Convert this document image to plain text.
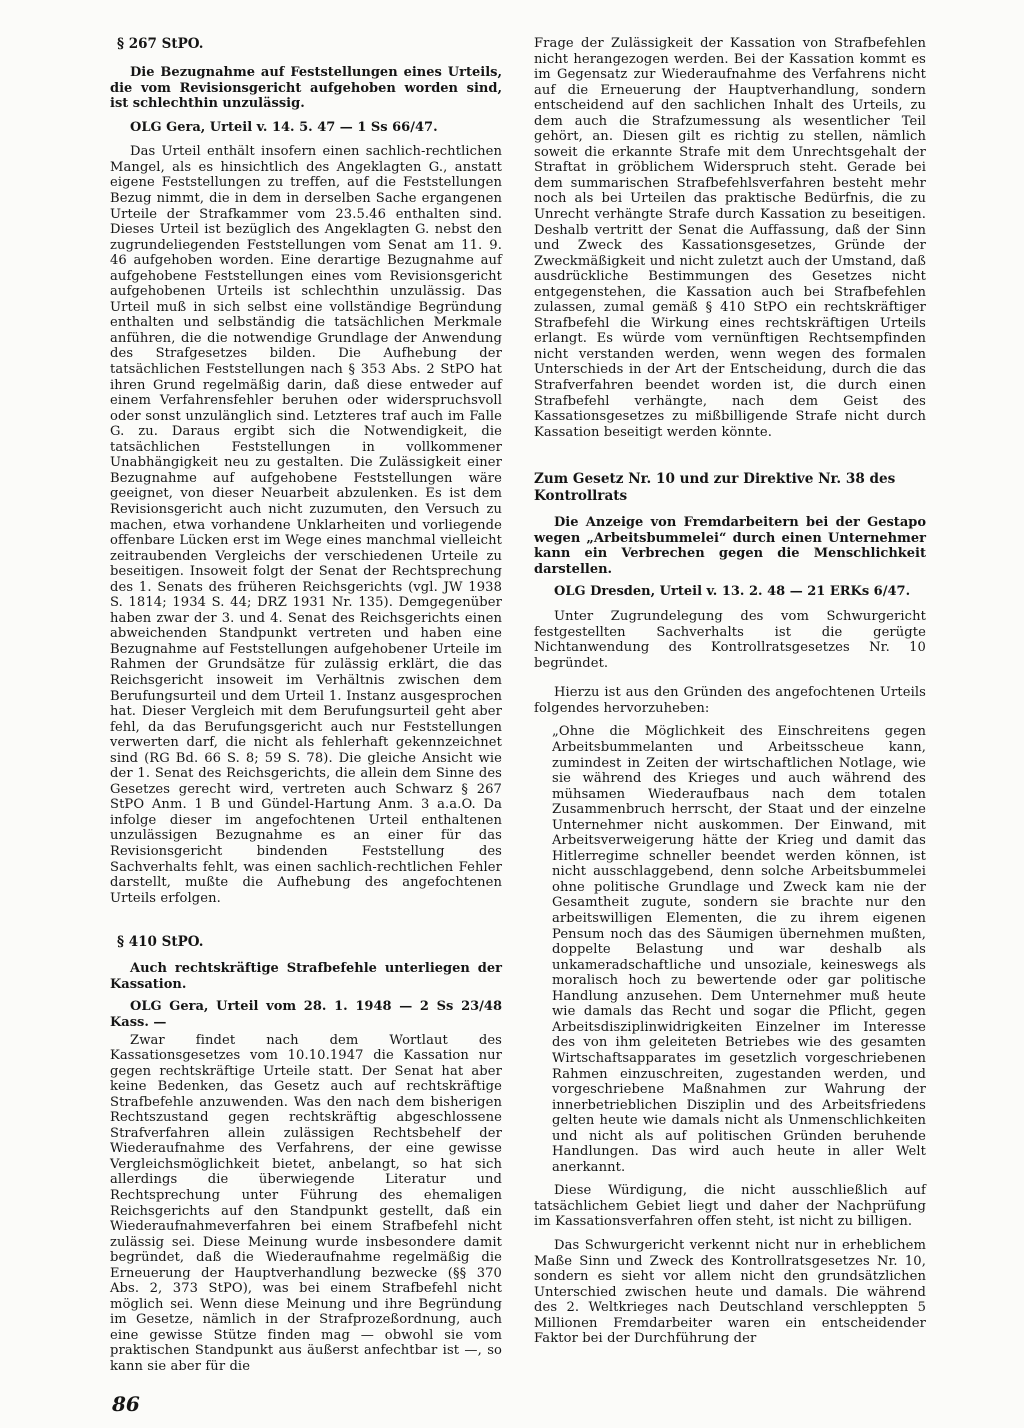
§ 267 StPO.

Die Bezugnahme auf Feststellungen eines Urteils, die vom Revisionsgericht aufgehoben worden sind, ist schlechthin unzulässig.

OLG Gera, Urteil v. 14. 5. 47 — 1 Ss 66/47.

Das Urteil enthält insofern einen sachlich-rechtlichen Mangel, als es hinsichtlich des Angeklagten G., anstatt eigene Feststellungen zu treffen, auf die Feststellungen Bezug nimmt, die in dem in derselben Sache ergangenen Urteile der Strafkammer vom 23.5.46 enthalten sind. Dieses Urteil ist bezüglich des Angeklagten G. nebst den zugrundeliegenden Feststellungen vom Senat am 11. 9. 46 aufgehoben worden. Eine derartige Bezugnahme auf aufgehobene Feststellungen eines vom Revisionsgericht aufgehobenen Urteils ist schlechthin unzulässig. Das Urteil muß in sich selbst eine vollständige Begründung enthalten und selbständig die tatsächlichen Merkmale anführen, die die notwendige Grundlage der Anwendung des Strafgesetzes bilden. Die Aufhebung der tatsächlichen Feststellungen nach § 353 Abs. 2 StPO hat ihren Grund regelmäßig darin, daß diese entweder auf einem Verfahrensfehler beruhen oder widerspruchsvoll oder sonst unzulänglich sind. Letzteres traf auch im Falle G. zu. Daraus ergibt sich die Notwendigkeit, die tatsächlichen Feststellungen in vollkommener Unabhängigkeit neu zu gestalten. Die Zulässigkeit einer Bezugnahme auf aufgehobene Feststellungen wäre geeignet, von dieser Neuarbeit abzulenken. Es ist dem Revisionsgericht auch nicht zuzumuten, den Versuch zu machen, etwa vorhandene Unklarheiten und vorliegende offenbare Lücken erst im Wege eines manchmal vielleicht zeitraubenden Vergleichs der verschiedenen Urteile zu beseitigen. Insoweit folgt der Senat der Rechtsprechung des 1. Senats des früheren Reichsgerichts (vgl. JW 1938 S. 1814; 1934 S. 44; DRZ 1931 Nr. 135). Demgegenüber haben zwar der 3. und 4. Senat des Reichsgerichts einen abweichenden Standpunkt vertreten und haben eine Bezugnahme auf Feststellungen aufgehobener Urteile im Rahmen der Grundsätze für zulässig erklärt, die das Reichsgericht insoweit im Verhältnis zwischen dem Berufungsurteil und dem Urteil 1. Instanz ausgesprochen hat. Dieser Vergleich mit dem Berufungsurteil geht aber fehl, da das Berufungsgericht auch nur Feststellungen verwerten darf, die nicht als fehlerhaft gekennzeichnet sind (RG Bd. 66 S. 8; 59 S. 78). Die gleiche Ansicht wie der 1. Senat des Reichsgerichts, die allein dem Sinne des Gesetzes gerecht wird, vertreten auch Schwarz § 267 StPO Anm. 1 B und Gündel-Hartung Anm. 3 a.a.O. Da infolge dieser im angefochtenen Urteil enthaltenen unzulässigen Bezugnahme es an einer für das Revisionsgericht bindenden Feststellung des Sachverhalts fehlt, was einen sachlich-rechtlichen Fehler darstellt, mußte die Aufhebung des angefochtenen Urteils erfolgen.

§ 410 StPO.

Auch rechtskräftige Strafbefehle unterliegen der Kassation.

OLG Gera, Urteil vom 28. 1. 1948 — 2 Ss 23/48 Kass. —

Zwar findet nach dem Wortlaut des Kassationsgesetzes vom 10.10.1947 die Kassation nur gegen rechtskräftige Urteile statt. Der Senat hat aber keine Bedenken, das Gesetz auch auf rechtskräftige Strafbefehle anzuwenden. Was den nach dem bisherigen Rechtszustand gegen rechtskräftig abgeschlossene Strafverfahren allein zulässigen Rechtsbehelf der Wiederaufnahme des Verfahrens, der eine gewisse Vergleichsmöglichkeit bietet, anbelangt, so hat sich allerdings die überwiegende Literatur und Rechtsprechung unter Führung des ehemaligen Reichsgerichts auf den Standpunkt gestellt, daß ein Wiederaufnahmeverfahren bei einem Strafbefehl nicht zulässig sei. Diese Meinung wurde insbesondere damit begründet, daß die Wiederaufnahme regelmäßig die Erneuerung der Hauptverhandlung bezwecke (§§ 370 Abs. 2, 373 StPO), was bei einem Strafbefehl nicht möglich sei. Wenn diese Meinung und ihre Begründung im Gesetze, nämlich in der Strafprozeßordnung, auch eine gewisse Stütze finden mag — obwohl sie vom praktischen Standpunkt aus äußerst anfechtbar ist —, so kann sie aber für die

Frage der Zulässigkeit der Kassation von Strafbefehlen nicht herangezogen werden. Bei der Kassation kommt es im Gegensatz zur Wiederaufnahme des Verfahrens nicht auf die Erneuerung der Hauptverhandlung, sondern entscheidend auf den sachlichen Inhalt des Urteils, zu dem auch die Strafzumessung als wesentlicher Teil gehört, an. Diesen gilt es richtig zu stellen, nämlich soweit die erkannte Strafe mit dem Unrechtsgehalt der Straftat in gröblichem Widerspruch steht. Gerade bei dem summarischen Strafbefehlsverfahren besteht mehr noch als bei Urteilen das praktische Bedürfnis, die zu Unrecht verhängte Strafe durch Kassation zu beseitigen. Deshalb vertritt der Senat die Auffassung, daß der Sinn und Zweck des Kassationsgesetzes, Gründe der Zweckmäßigkeit und nicht zuletzt auch der Umstand, daß ausdrückliche Bestimmungen des Gesetzes nicht entgegenstehen, die Kassation auch bei Strafbefehlen zulassen, zumal gemäß § 410 StPO ein rechtskräftiger Strafbefehl die Wirkung eines rechtskräftigen Urteils erlangt. Es würde vom vernünftigen Rechtsempfinden nicht verstanden werden, wenn wegen des formalen Unterschieds in der Art der Entscheidung, durch die das Strafverfahren beendet worden ist, die durch einen Strafbefehl verhängte, nach dem Geist des Kassationsgesetzes zu mißbilligende Strafe nicht durch Kassation beseitigt werden könnte.

Zum Gesetz Nr. 10 und zur Direktive Nr. 38 des Kontrollrats

Die Anzeige von Fremdarbeitern bei der Gestapo wegen „Arbeitsbummelei“ durch einen Unternehmer kann ein Verbrechen gegen die Menschlichkeit darstellen.

OLG Dresden, Urteil v. 13. 2. 48 — 21 ERKs 6/47.

Unter Zugrundelegung des vom Schwurgericht festgestellten Sachverhalts ist die gerügte Nichtanwendung des Kontrollratsgesetzes Nr. 10 begründet.

Hierzu ist aus den Gründen des angefochtenen Urteils folgendes hervorzuheben:

„Ohne die Möglichkeit des Einschreitens gegen Arbeitsbummelanten und Arbeitsscheue kann, zumindest in Zeiten der wirtschaftlichen Notlage, wie sie während des Krieges und auch während des mühsamen Wiederaufbaus nach dem totalen Zusammenbruch herrscht, der Staat und der einzelne Unternehmer nicht auskommen. Der Einwand, mit Arbeitsverweigerung hätte der Krieg und damit das Hitlerregime schneller beendet werden können, ist nicht ausschlaggebend, denn solche Arbeitsbummelei ohne politische Grundlage und Zweck kam nie der Gesamtheit zugute, sondern sie brachte nur den arbeitswilligen Elementen, die zu ihrem eigenen Pensum noch das des Säumigen übernehmen mußten, doppelte Belastung und war deshalb als unkameradschaftliche und unsoziale, keineswegs als moralisch hoch zu bewertende oder gar politische Handlung anzusehen. Dem Unternehmer muß heute wie damals das Recht und sogar die Pflicht, gegen Arbeitsdisziplinwidrigkeiten Einzelner im Interesse des von ihm geleiteten Betriebes wie des gesamten Wirtschaftsapparates im gesetzlich vorgeschriebenen Rahmen einzuschreiten, zugestanden werden, und vorgeschriebene Maßnahmen zur Wahrung der innerbetrieblichen Disziplin und des Arbeitsfriedens gelten heute wie damals nicht als Unmenschlichkeiten und nicht als auf politischen Gründen beruhende Handlungen. Das wird auch heute in aller Welt anerkannt.

Diese Würdigung, die nicht ausschließlich auf tatsächlichem Gebiet liegt und daher der Nachprüfung im Kassationsverfahren offen steht, ist nicht zu billigen.

Das Schwurgericht verkennt nicht nur in erheblichem Maße Sinn und Zweck des Kontrollratsgesetzes Nr. 10, sondern es sieht vor allem nicht den grundsätzlichen Unterschied zwischen heute und damals. Die während des 2. Weltkrieges nach Deutschland verschleppten 5 Millionen Fremdarbeiter waren ein entscheidender Faktor bei der Durchführung der

86
